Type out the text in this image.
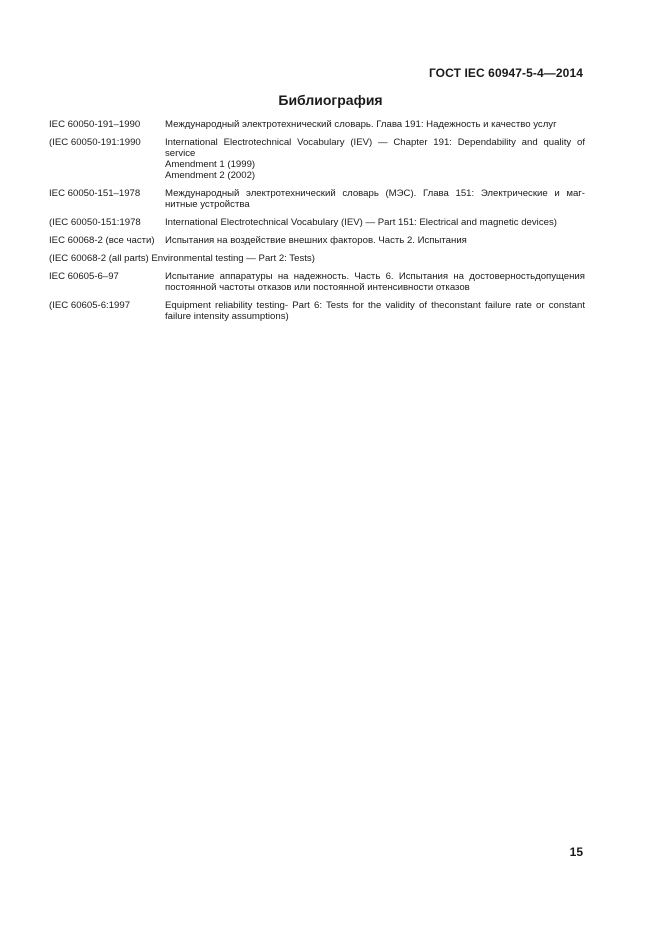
ГОСТ IEC 60947-5-4—2014
Библиография
IEC 60050-191–1990	Международный электротехнический словарь. Глава 191: Надежность и качество услуг
(IEC 60050-191:1990	International Electrotechnical Vocabulary (IEV) — Chapter 191: Dependability and quality of service
Amendment 1 (1999)
Amendment 2 (2002)
IEC 60050-151–1978	Международный электротехнический словарь (МЭС). Глава 151: Электрические и маг-нитные устройства
(IEC 60050-151:1978	International Electrotechnical Vocabulary (IEV) — Part 151: Electrical and magnetic devices)
IEC 60068-2 (все части)	Испытания на воздействие внешних факторов. Часть 2. Испытания
(IEC 60068-2 (all parts) Environmental testing — Part 2: Tests)
IEC 60605-6–97	Испытание аппаратуры на надежность. Часть 6. Испытания на достоверностьдопущения постоянной частоты отказов или постоянной интенсивности отказов
(IEC 60605-6:1997	Equipment reliability testing- Part 6: Tests for the validity of theconstant failure rate or constant failure intensity assumptions)
15
